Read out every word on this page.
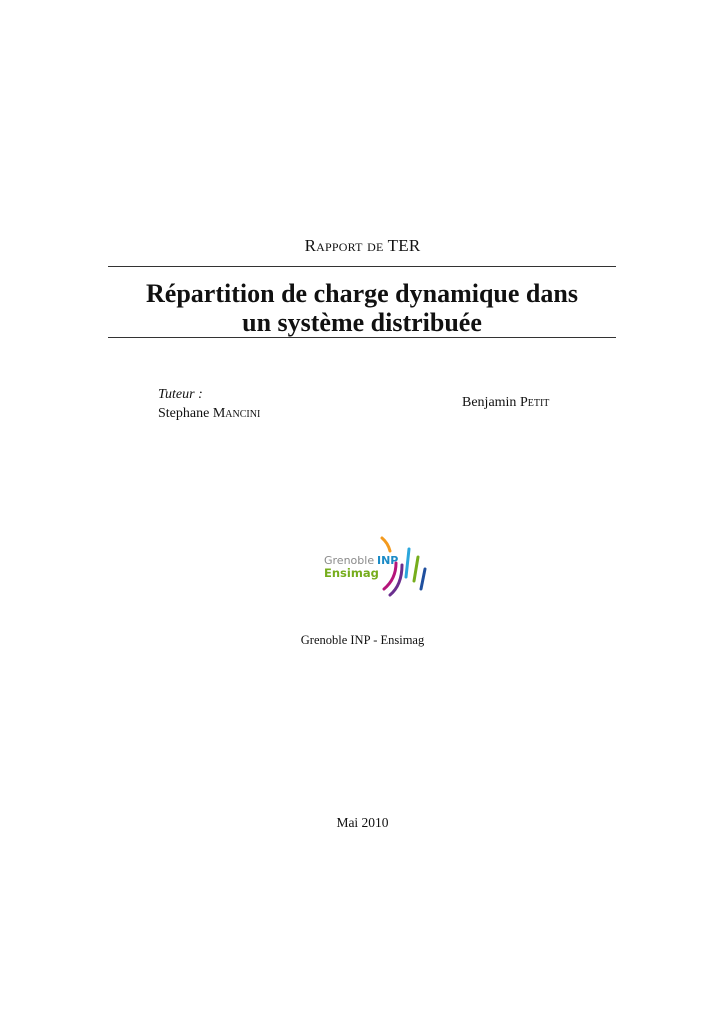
Rapport de TER
Répartition de charge dynamique dans
un système distribuée
Tuteur :
Stephane Mancini
Benjamin Petit
Grenoble INP
Ensimag
Grenoble INP - Ensimag
Mai 2010
